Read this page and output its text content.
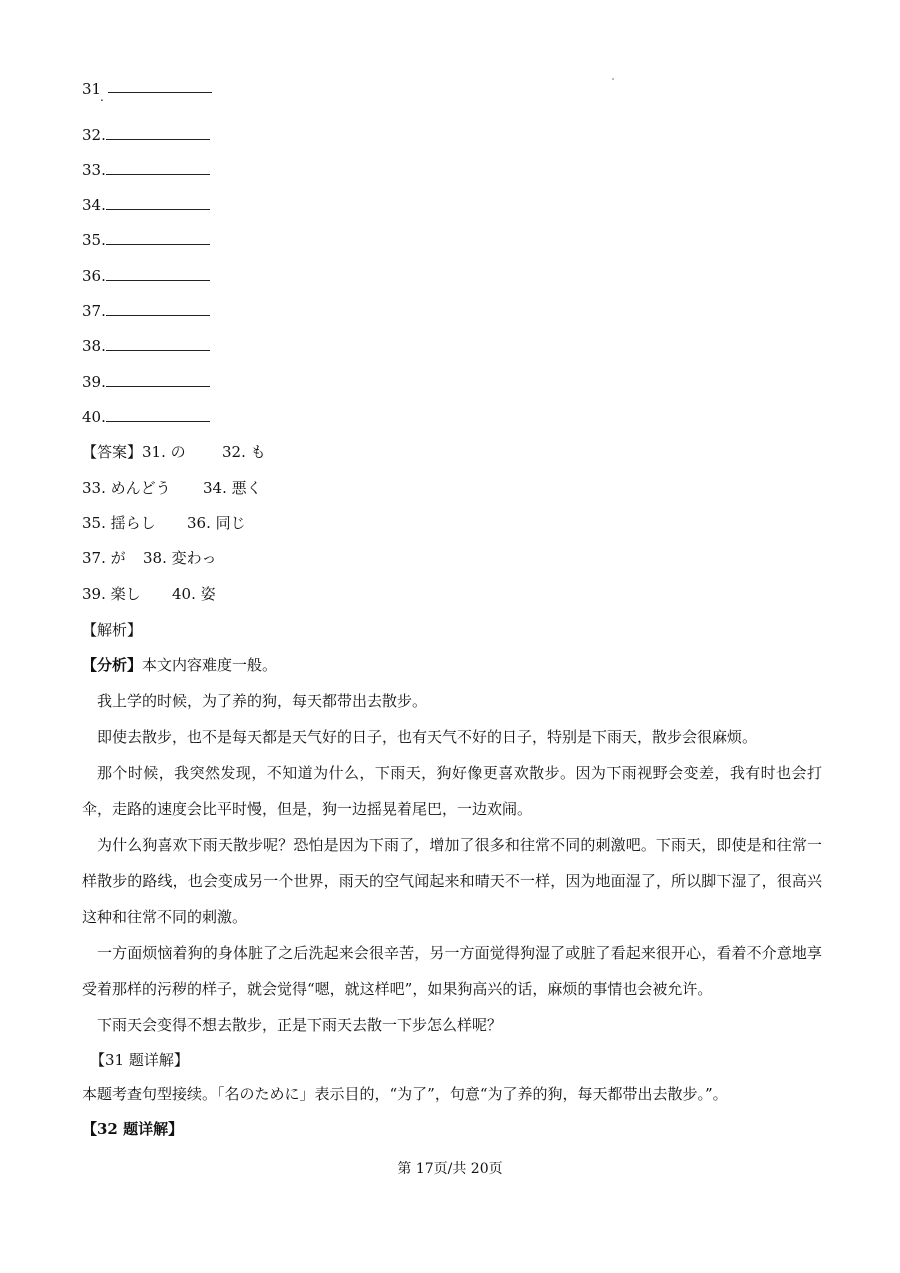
31
.
32.
33.
34.
35.
36.
37.
38.
39.
40.
【答案】31. の 32. も
33. めんどう 34. 悪く
35. 揺らし 36. 同じ
37. が 38. 変わっ
39. 楽し 40. 姿
【解析】
【分析】本文内容难度一般。
我上学的时候，为了养的狗，每天都带出去散步。
即使去散步，也不是每天都是天气好的日子，也有天气不好的日子，特别是下雨天，散步会很麻烦。
那个时候，我突然发现，不知道为什么，下雨天，狗好像更喜欢散步。因为下雨视野会变差，我有时也会打伞，走路的速度会比平时慢，但是，狗一边摇晃着尾巴，一边欢闹。
为什么狗喜欢下雨天散步呢？恐怕是因为下雨了，增加了很多和往常不同的刺激吧。下雨天，即使是和往常一样散步的路线，也会变成另一个世界，雨天的空气闻起来和晴天不一样，因为地面湿了，所以脚下湿了，很高兴这种和往常不同的刺激。
一方面烦恼着狗的身体脏了之后洗起来会很辛苦，另一方面觉得狗湿了或脏了看起来很开心，看着不介意地享受着那样的污秽的样子，就会觉得“嗯，就这样吧”，如果狗高兴的话，麻烦的事情也会被允许。
下雨天会变得不想去散步，正是下雨天去散一下步怎么样呢？
【31 题详解】
本题考查句型接续。「名のために」表示目的，“为了”，句意“为了养的狗，每天都带出去散步。”。
【32 题详解】
第 17页/共 20页
